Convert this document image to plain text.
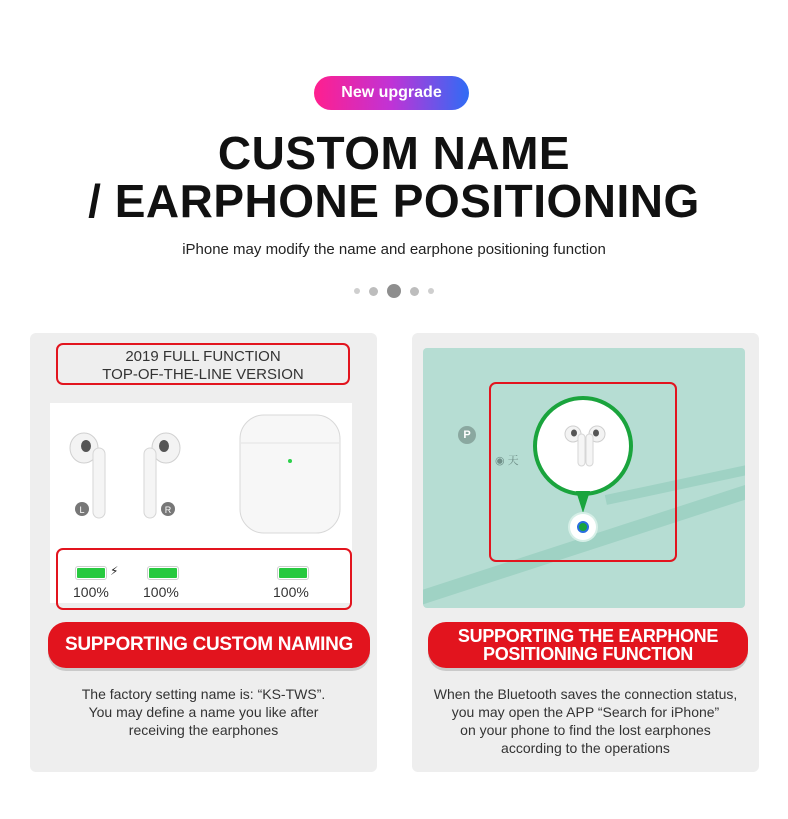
New upgrade
CUSTOM NAME
/ EARPHONE POSITIONING
iPhone may modify the name and earphone positioning function
2019 FULL FUNCTION
TOP-OF-THE-LINE VERSION
L	R
⚡
100% 100%	100%
SUPPORTING CUSTOM NAMING
The factory setting name is: “KS-TWS”.
You may define a name you like after
receiving the earphones
P
◉ 天
SUPPORTING THE EARPHONE
POSITIONING FUNCTION
When the Bluetooth saves the connection status,
you may open the APP “Search for iPhone”
on your phone to find the lost earphones
according to the operations
